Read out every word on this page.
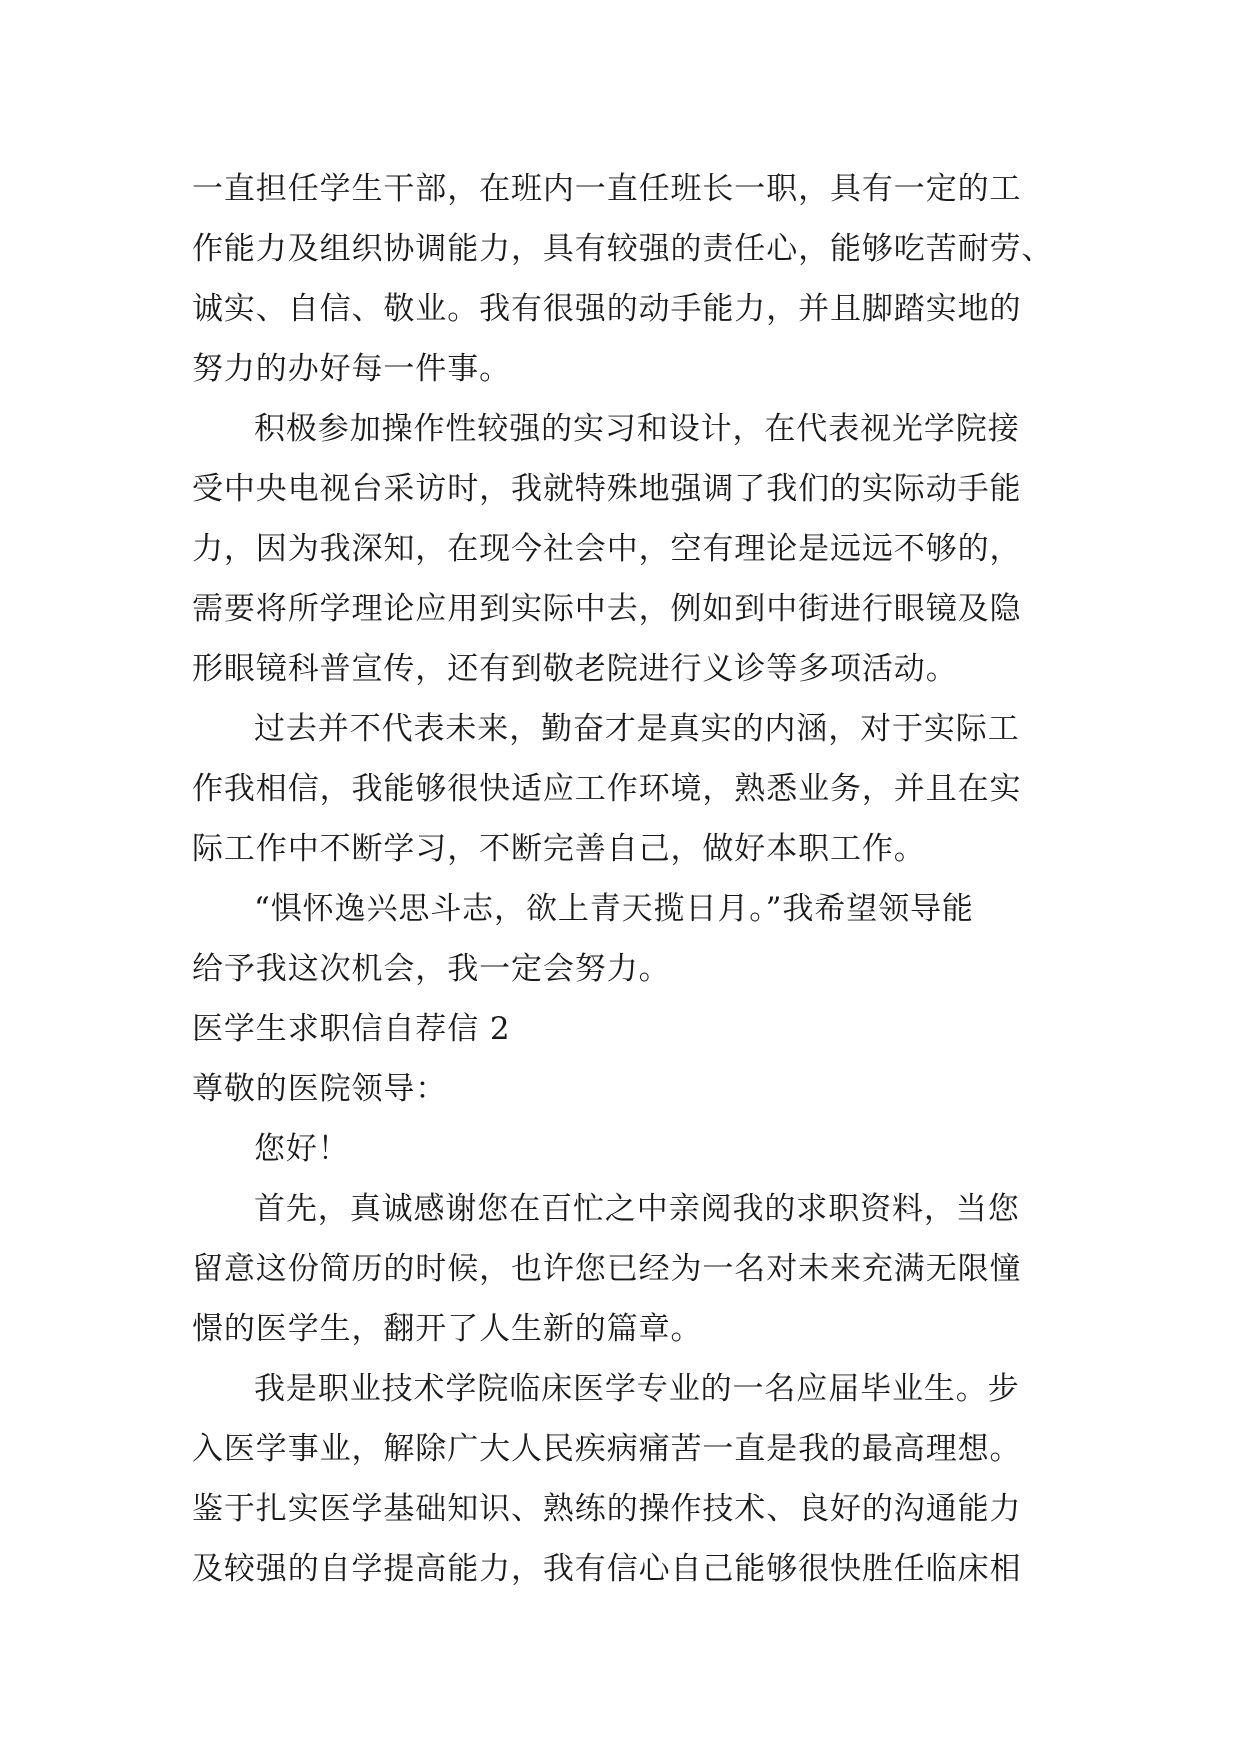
一直担任学生干部，在班内一直任班长一职，具有一定的工
作能力及组织协调能力，具有较强的责任心，能够吃苦耐劳、
诚实、自信、敬业。我有很强的动手能力，并且脚踏实地的
努力的办好每一件事。
积极参加操作性较强的实习和设计，在代表视光学院接
受中央电视台采访时，我就特殊地强调了我们的实际动手能
力，因为我深知，在现今社会中，空有理论是远远不够的，
需要将所学理论应用到实际中去，例如到中街进行眼镜及隐
形眼镜科普宣传，还有到敬老院进行义诊等多项活动。
过去并不代表未来，勤奋才是真实的内涵，对于实际工
作我相信，我能够很快适应工作环境，熟悉业务，并且在实
际工作中不断学习，不断完善自己，做好本职工作。
“惧怀逸兴思斗志，欲上青天揽日月。”我希望领导能
给予我这次机会，我一定会努力。
医学生求职信自荐信 2
尊敬的医院领导：
您好！
首先，真诚感谢您在百忙之中亲阅我的求职资料，当您
留意这份简历的时候，也许您已经为一名对未来充满无限憧
憬的医学生，翻开了人生新的篇章。
我是职业技术学院临床医学专业的一名应届毕业生。步
入医学事业，解除广大人民疾病痛苦一直是我的最高理想。
鉴于扎实医学基础知识、熟练的操作技术、良好的沟通能力
及较强的自学提高能力，我有信心自己能够很快胜任临床相
